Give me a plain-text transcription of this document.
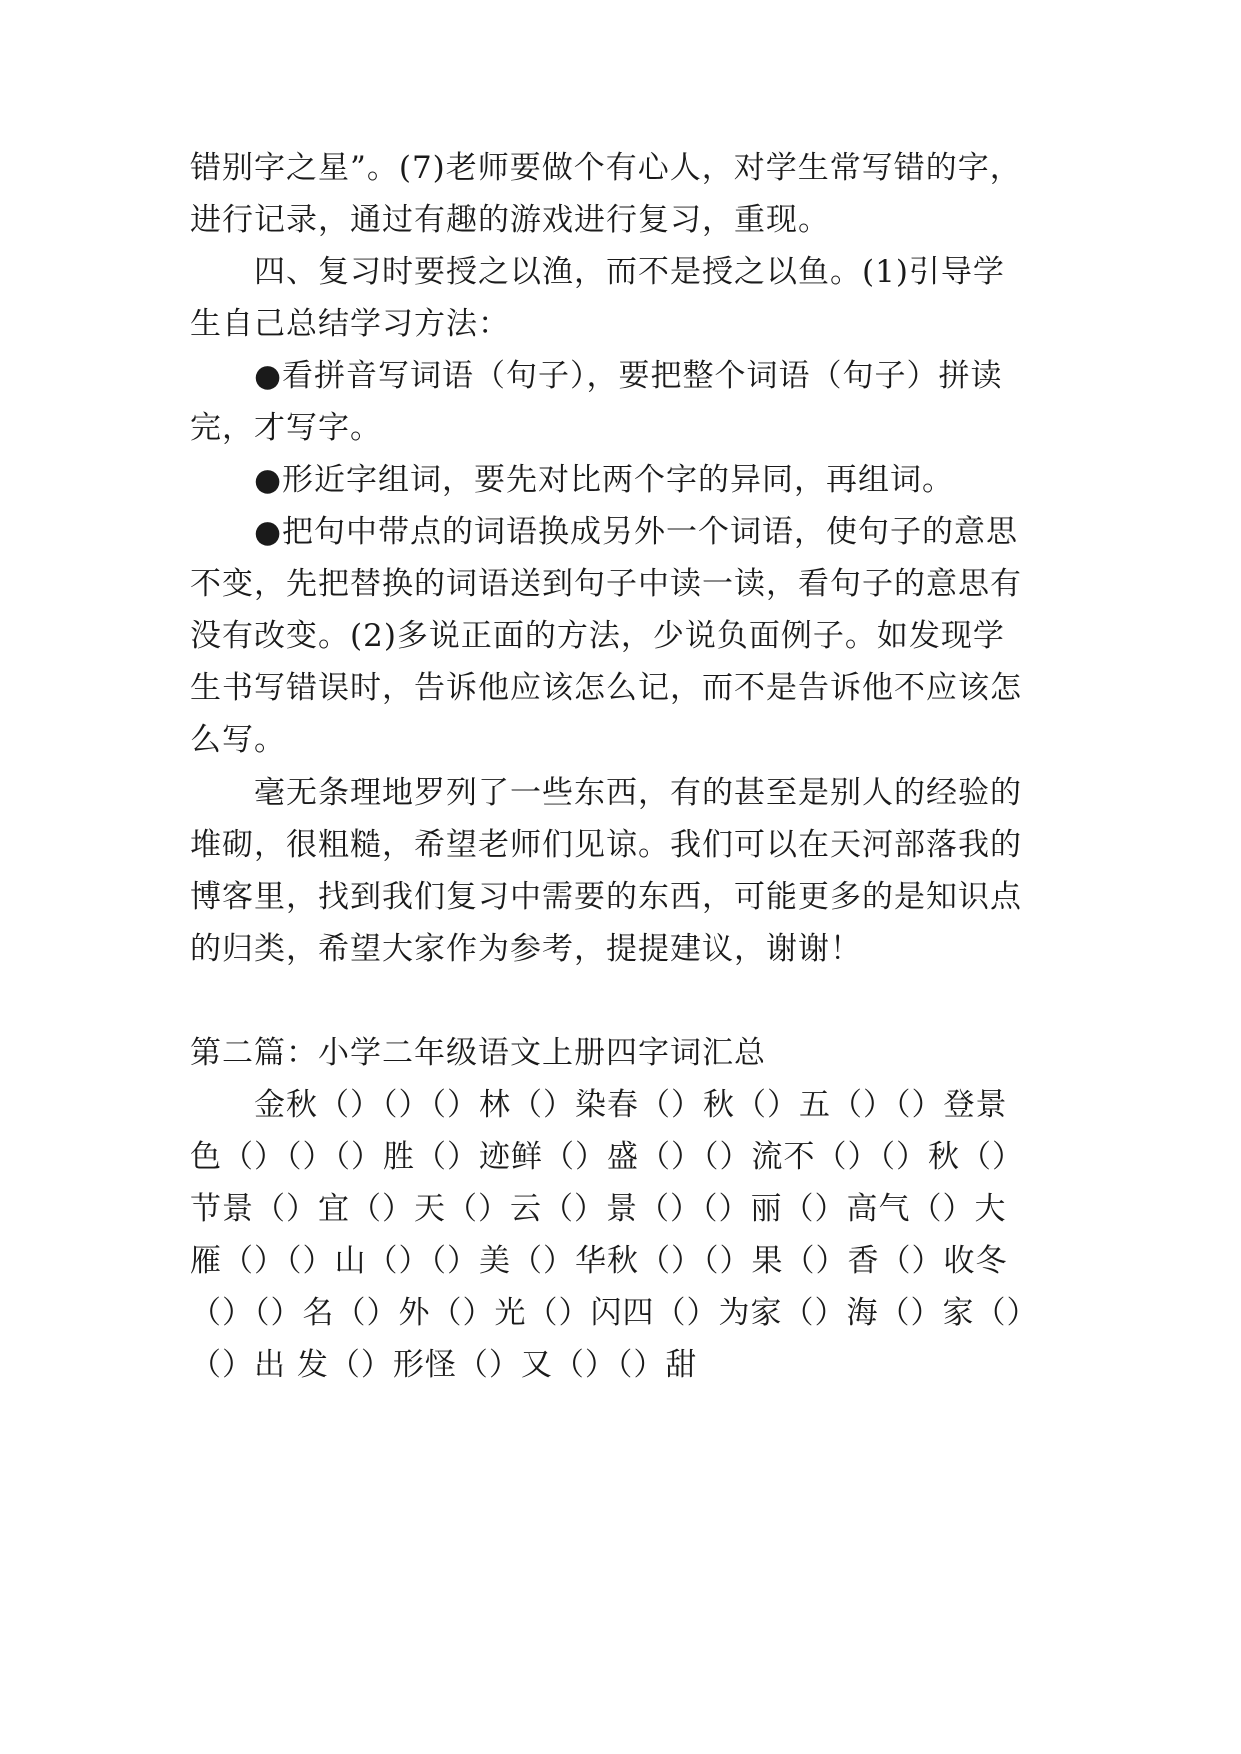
错别字之星”。(7)老师要做个有心人，对学生常写错的字，

进行记录，通过有趣的游戏进行复习，重现。

四、复习时要授之以渔，而不是授之以鱼。(1)引导学

生自己总结学习方法：

●看拼音写词语（句子），要把整个词语（句子）拼读

完，才写字。

●形近字组词，要先对比两个字的异同，再组词。

●把句中带点的词语换成另外一个词语，使句子的意思

不变，先把替换的词语送到句子中读一读，看句子的意思有

没有改变。(2)多说正面的方法，少说负面例子。如发现学

生书写错误时，告诉他应该怎么记，而不是告诉他不应该怎

么写。

毫无条理地罗列了一些东西，有的甚至是别人的经验的

堆砌，很粗糙，希望老师们见谅。我们可以在天河部落我的

博客里，找到我们复习中需要的东西，可能更多的是知识点

的归类，希望大家作为参考，提提建议，谢谢！

第二篇：小学二年级语文上册四字词汇总

金秋（）（）（）林（）染春（）秋（）五（）（）登景

色（）（）（）胜（）迹鲜（）盛（）（）流不（）（）秋（）

节景（）宜（）天（）云（）景（）（）丽（）高气（）大

雁（）（）山（）（）美（）华秋（）（）果（）香（）收冬

（）（）名（）外（）光（）闪四（）为家（）海（）家（）

（）出 发（）形怪（）又（）（）甜
